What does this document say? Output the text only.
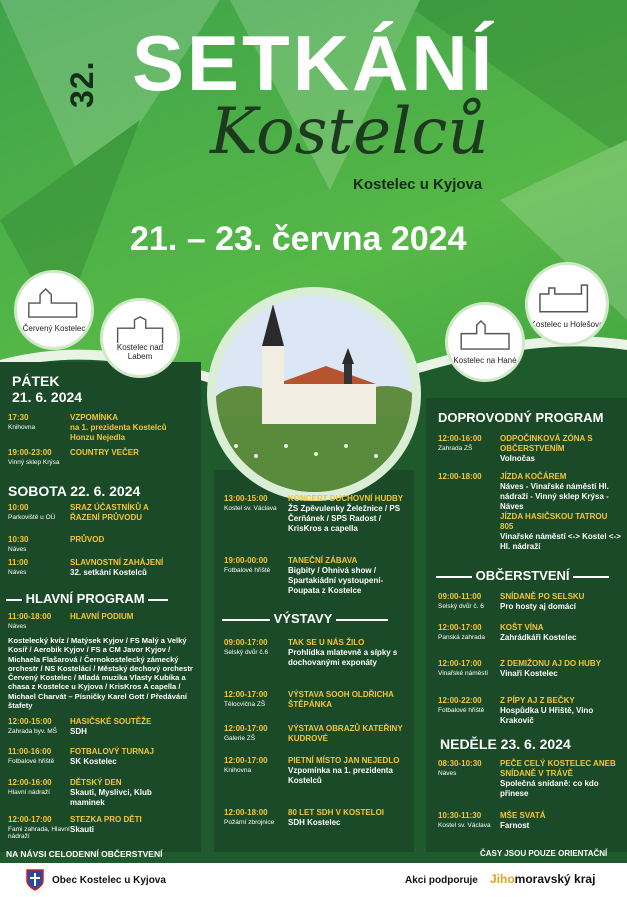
32. SETKÁNÍ
Kostelců
Kostelec u Kyjova
21. – 23. června 2024
Červený Kostelec
Kostelec nad Labem	Kostelec na Hané
Kostelec u Holešova
PÁTEK
21. 6. 2024
17:30
Knihovna
VZPOMÍNKA
na 1. prezidenta Kostelců Honzu Nejedla
19:00-23:00
Vinný sklep Krýsa
COUNTRY VEČER
SOBOTA 22. 6. 2024
10:00
Parkoviště u OÚ
SRAZ ÚČASTNÍKŮ A ŘAZENÍ PRŮVODU
10:30
Náves
PRŮVOD
11:00
Náves
SLAVNOSTNÍ ZAHÁJENÍ
32. setkání Kostelců
HLAVNÍ PROGRAM
11:00-18:00
Náves
HLAVNÍ PODIUM
Kostelecký kvíz / Matýsek Kyjov / FS Malý a Velký Kosíř / Aerobik Kyjov / FS a CM Javor Kyjov / Michaela Flašarová / Černokostelecký zámecký orchestr / NS Kostelácí / Městský dechový orchestr Červený Kostelec / Mladá muzika Vlasty Kubíka a chasa z Kostelce u Kyjova / KrisKros A capella / Michael Charvát – Písničky Karel Gott / Předávání štafety
12:00-15:00
Zahrada byv. MŠ
HASIČSKÉ SOUTĚŽE
SDH
11:00-16:00
Fotbalové hřiště
FOTBALOVÝ TURNAJ
SK Kostelec
12:00-16:00
Hlavní nádraží
DĚTSKÝ DEN
Skauti, Myslivci, Klub maminek
12:00-17:00
Fami zahrada, Hlavní nádraží
STEZKA PRO DĚTI
Skauti
13:00-15:00
Kostel sv. Václava
KONCERT DUCHOVNÍ HUDBY
ŽS Zpěvulenky Želežnice / PS Čerňánek / SPS Radost / KrisKros a capella
19:00-00:00
Fotbalové hřiště
TANEČNÍ ZÁBAVA
Bigbity / Ohnivá show / Spartakiádní vystoupení- Poupata z Kostelce
VÝSTAVY
09:00-17:00
Selský dvůr č.6
TAK SE U NÁS ŽILO
Prohlídka mlatevně a sípky s dochovanými exponáty
12:00-17:00
Tělocvična ZŠ
VÝSTAVA SOOH OLDŘICHA ŠTĚPÁNKA
12:00-17:00
Galerie ZŠ
VÝSTAVA OBRAZŮ KATEŘINY KUDROVÉ
12:00-17:00
Knihovna
PIETNÍ MÍSTO JAN NEJEDLO
Vzpomínka na 1. prezidenta Kostelců
12:00-18:00
Požární zbrojnice
80 LET SDH V KOSTELOI
SDH Kostelec
DOPROVODNÝ PROGRAM
12:00-16:00
Zahrada ZŠ
ODPOČINKOVÁ ZÓNA S OBČERSTVENÍM
Volnočas
12:00-18:00	JÍZDA KOČÁREM
Náves - Vinařské náměstí Hl. nádraží - Vinný sklep Krýsa - Náves
JÍZDA HASIČSKOU TATROU 805
Vinařské náměstí <-> Kostel <-> Hl. nádraží
OBČERSTVENÍ
09:00-11:00
Selský dvůr č. 6
SNÍDANĚ PO SELSKU
Pro hosty aj domácí
12:00-17:00
Panská zahrada
KOŠT VÍNA
Zahrádkáři Kostelec
12:00-17:00
Vinařské náměstí
Z DEMIŽONU AJ DO HUBY
Vinaři Kostelec
12:00-22:00
Fotbalové hřiště
Z PÍPY AJ Z BEČKY
Hospůdka U Hřiště, Vino Krakovič
NEDĚLE 23. 6. 2024
08:30-10:30
Náves
PEČE CELÝ KOSTELEC ANEB SNÍDANĚ V TRÁVĚ
Společná snídaně: co kdo přinese
10:30-11:30
Kostel sv. Václava
MŠE SVATÁ
Farnost
NA NÁVSI CELODENNÍ OBČERSTVENÍ	ČASY JSOU POUZE ORIENTAČNÍ
Obec Kostelec u Kyjova	Akci podporuje Jihomoravský kraj
